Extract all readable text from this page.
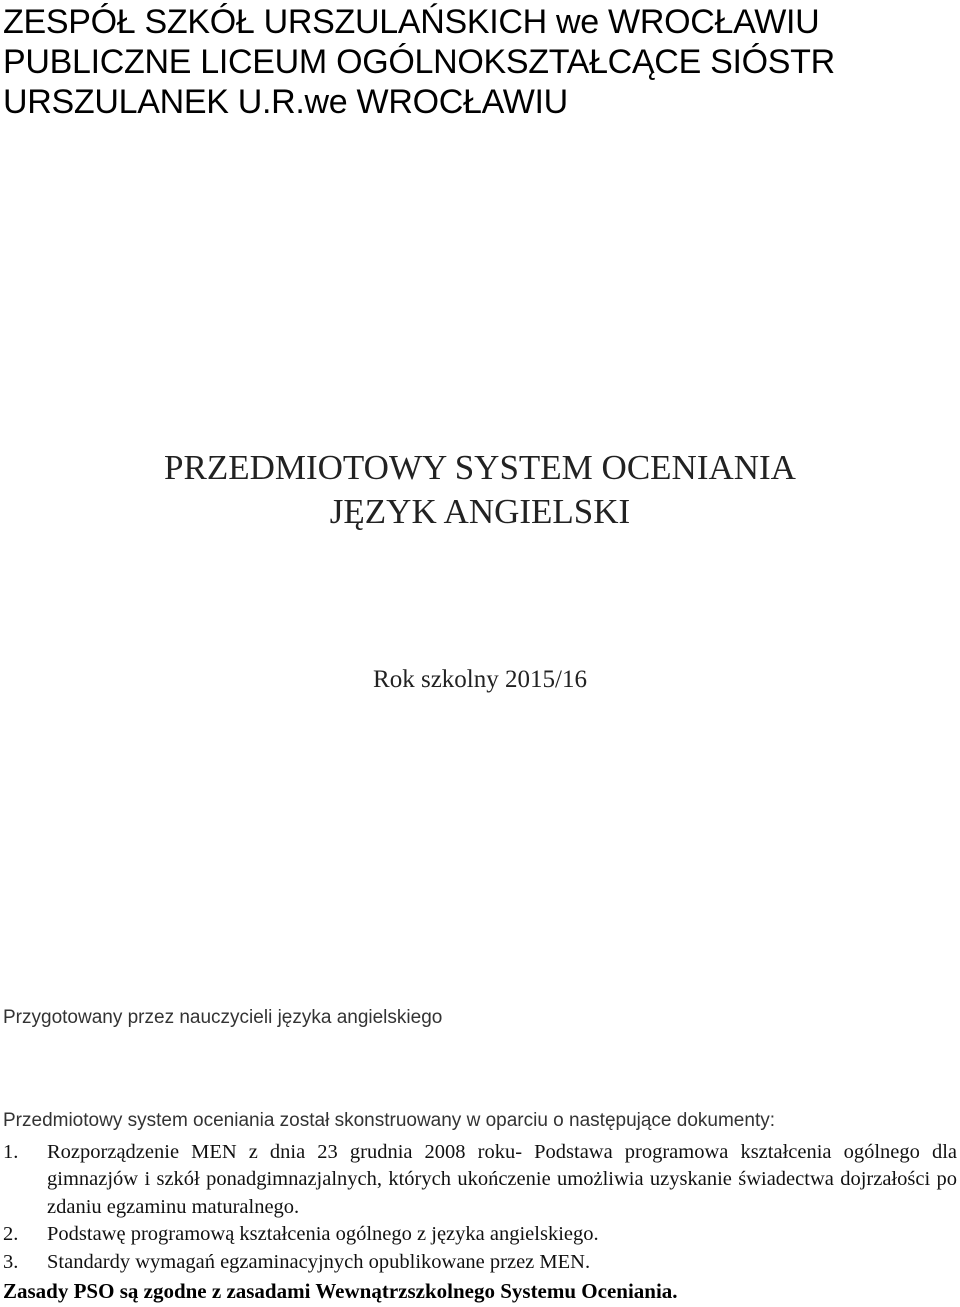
ZESPÓŁ SZKÓŁ URSZULAŃSKICH we WROCŁAWIU
PUBLICZNE LICEUM OGÓLNOKSZTAŁCĄCE SIÓSTR
URSZULANEK U.R.we WROCŁAWIU
PRZEDMIOTOWY SYSTEM OCENIANIA
JĘZYK ANGIELSKI
Rok szkolny 2015/16
Przygotowany przez nauczycieli języka angielskiego
Przedmiotowy system oceniania został skonstruowany w oparciu o następujące dokumenty:
1.	Rozporządzenie MEN z dnia 23 grudnia 2008 roku- Podstawa programowa kształcenia ogólnego dla gimnazjów i szkół ponadgimnazjalnych, których ukończenie umożliwia uzyskanie świadectwa dojrzałości po zdaniu egzaminu maturalnego.
2.	Podstawę programową kształcenia ogólnego z języka angielskiego.
3.	Standardy wymagań egzaminacyjnych opublikowane przez MEN.
Zasady PSO są zgodne z zasadami Wewnątrzszkolnego Systemu Oceniania.
